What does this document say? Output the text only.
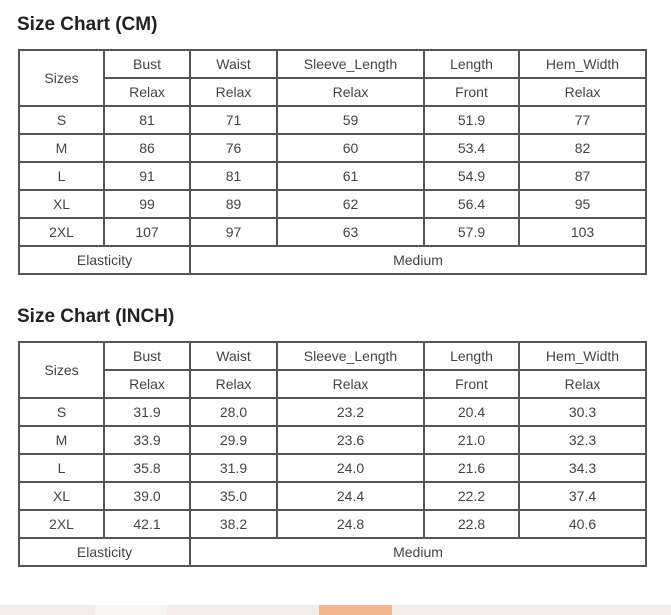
Size Chart (CM)
Sizes	Bust	Waist	Sleeve_Length	Length	Hem_Width
	Relax	Relax	Relax	Front	Relax
S	81	71	59	51.9	77
M	86	76	60	53.4	82
L	91	81	61	54.9	87
XL	99	89	62	56.4	95
2XL	107	97	63	57.9	103
Elasticity		Medium			
Size Chart (INCH)
Sizes	Bust	Waist	Sleeve_Length	Length	Hem_Width
	Relax	Relax	Relax	Front	Relax
S	31.9	28.0	23.2	20.4	30.3
M	33.9	29.9	23.6	21.0	32.3
L	35.8	31.9	24.0	21.6	34.3
XL	39.0	35.0	24.4	22.2	37.4
2XL	42.1	38.2	24.8	22.8	40.6
Elasticity		Medium			
